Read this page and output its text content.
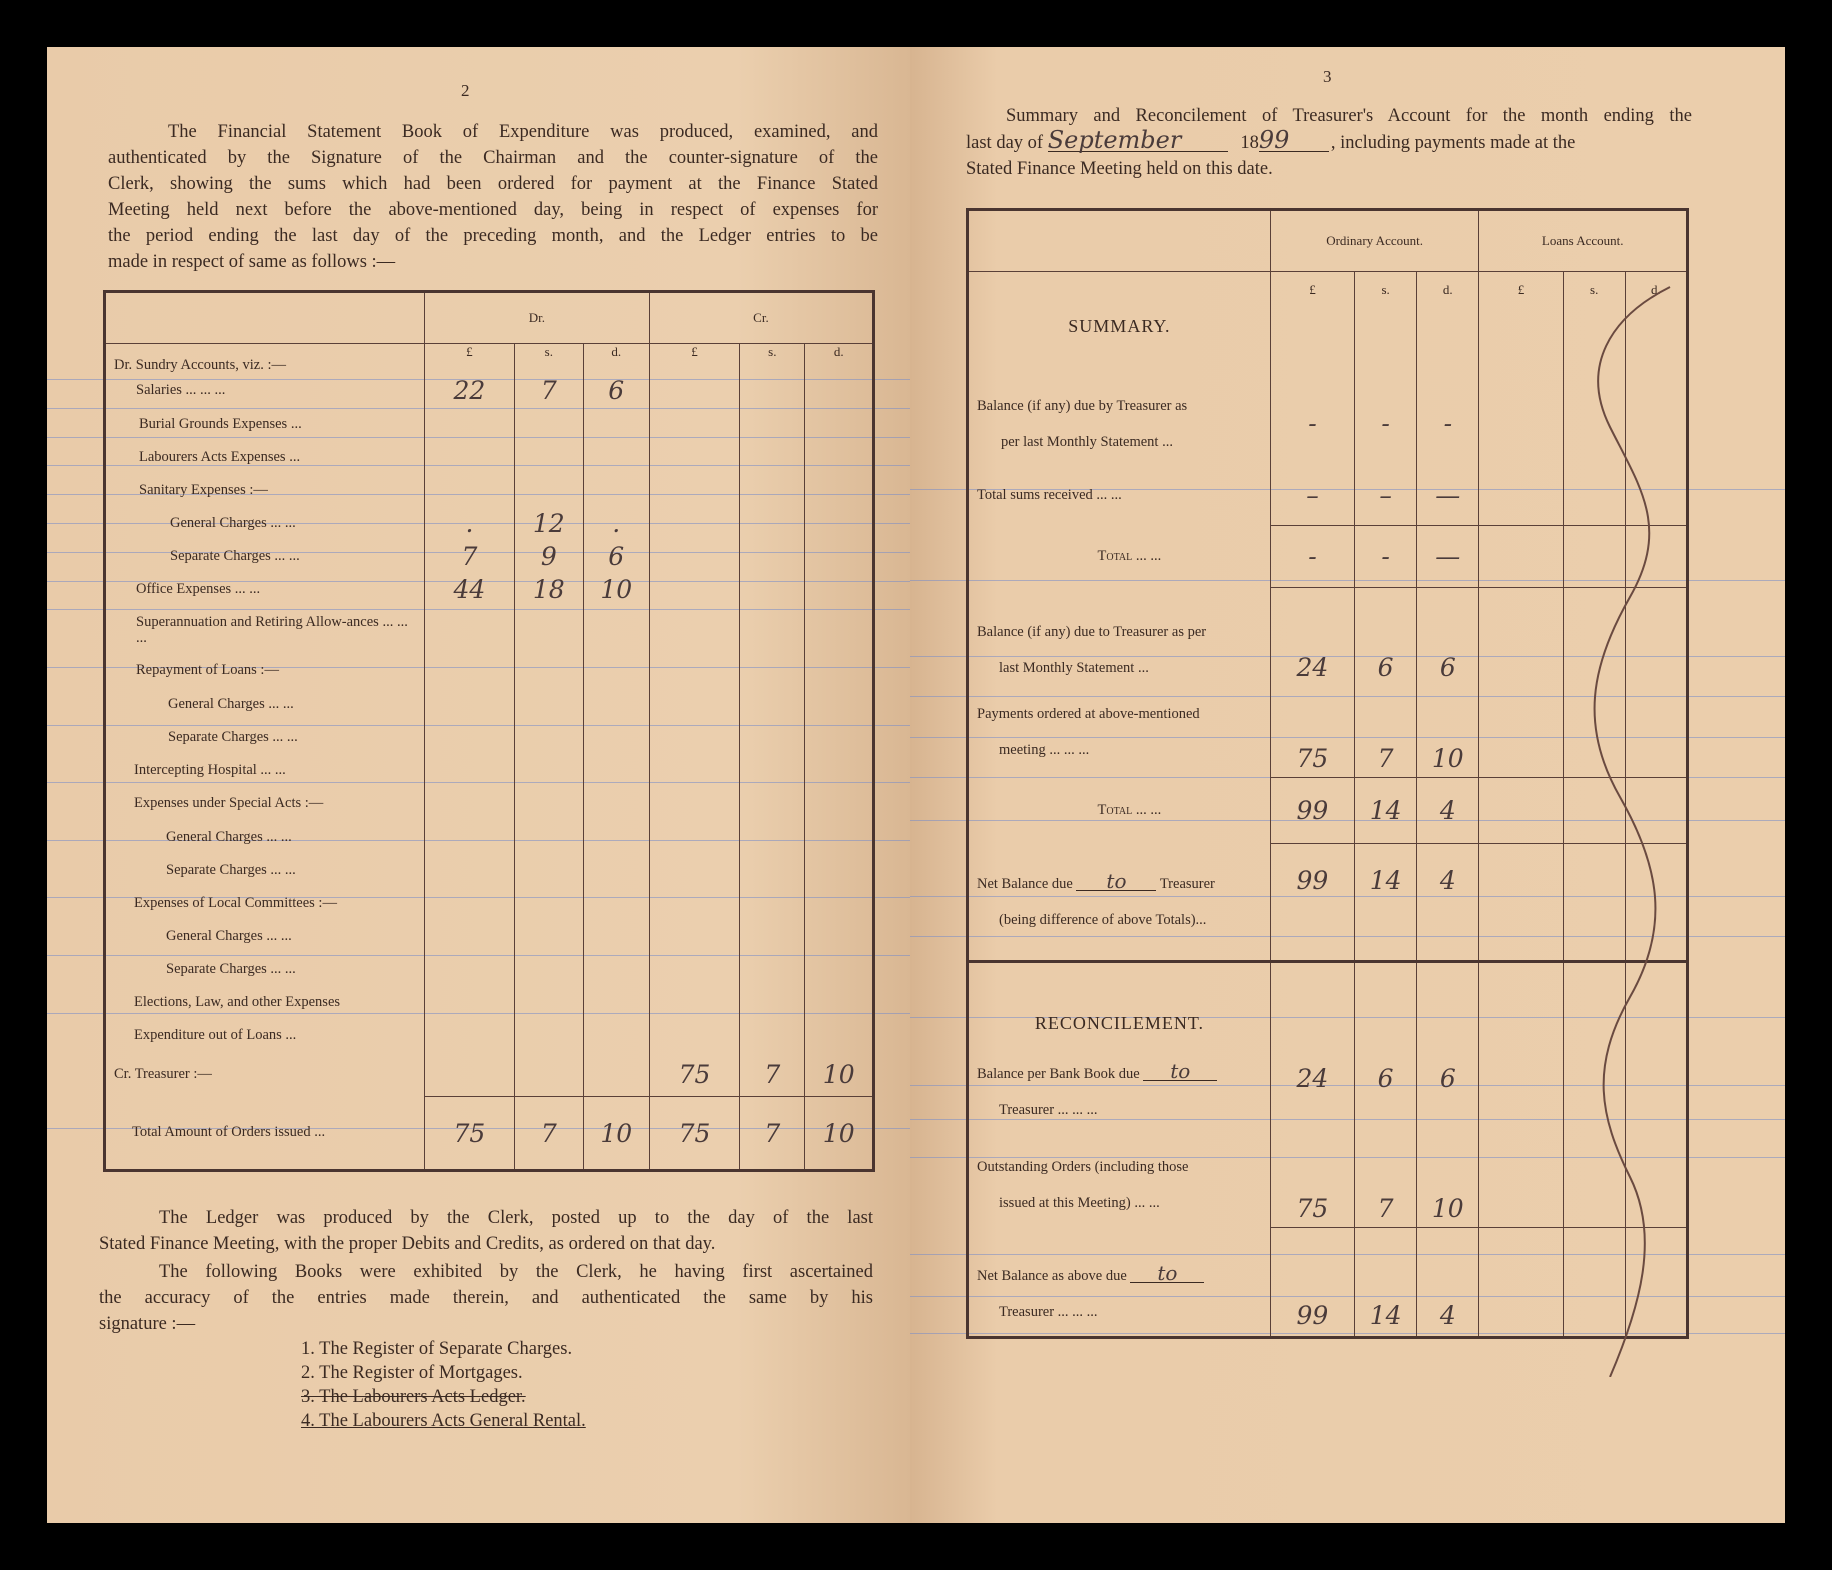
2
The Financial Statement Book of Expenditure was produced, examined, and
authenticated by the Signature of the Chairman and the counter-signature of the
Clerk, showing the sums which had been ordered for payment at the Finance Stated
Meeting held next before the above-mentioned day, being in respect of expenses for
the period ending the last day of the preceding month, and the Ledger entries to be
made in respect of same as follows :—
	Dr.			Cr.		
Dr. Sundry Accounts, viz. :—	£	s.	d.	£	s.	d.
Salaries ... ... ...	22	7	6			
Burial Grounds Expenses ...						
Labourers Acts Expenses ...						
Sanitary Expenses :—						
General Charges ... ...	.	12	.			
Separate Charges ... ...	7	9	6			
Office Expenses ... ...	44	18	10			
Superannuation and Retiring Allow-ances ... ... ...						
Repayment of Loans :—						
General Charges ... ...						
Separate Charges ... ...						
Intercepting Hospital ... ...						
Expenses under Special Acts :—						
General Charges ... ...						
Separate Charges ... ...						
Expenses of Local Committees :—						
General Charges ... ...						
Separate Charges ... ...						
Elections, Law, and other Expenses						
Expenditure out of Loans ...						
Cr. Treasurer :—				75	7	10
Total Amount of Orders issued ...	75	7	10	75	7	10
The Ledger was produced by the Clerk, posted up to the day of the last
Stated Finance Meeting, with the proper Debits and Credits, as ordered on that day.
The following Books were exhibited by the Clerk, he having first ascertained
the accuracy of the entries made therein, and authenticated the same by his
signature :—
1. The Register of Separate Charges.
2. The Register of Mortgages.
3. The Labourers Acts Ledger.
4. The Labourers Acts General Rental.
3
Summary and Reconcilement of Treasurer's Account for the month ending the
last day of September	1899 , including payments made at the
Stated Finance Meeting held on this date.
	Ordinary Account.			Loans Account.		
SUMMARY.	£	s.	d.	£	s.	d.

Balance (if any) due by Treasurer as
per last Monthly Statement ...	-	-	-			
Total sums received ... ...	–	–	—			
Total ... ...	-	-	—			

Balance (if any) due to Treasurer as per
last Monthly Statement ...	24	6	6			

Payments ordered at above-mentioned
meeting ... ... ...	75	7	10			
Total ... ...	99	14	4			

Net Balance due to Treasurer
(being difference of above Totals)...	99	14	4			
RECONCILEMENT.						

Balance per Bank Book due to
Treasurer ... ... ...	24	6	6			

Outstanding Orders (including those
issued at this Meeting) ... ...	75	7	10			

Net Balance as above due to
Treasurer ... ... ...	99	14	4			
